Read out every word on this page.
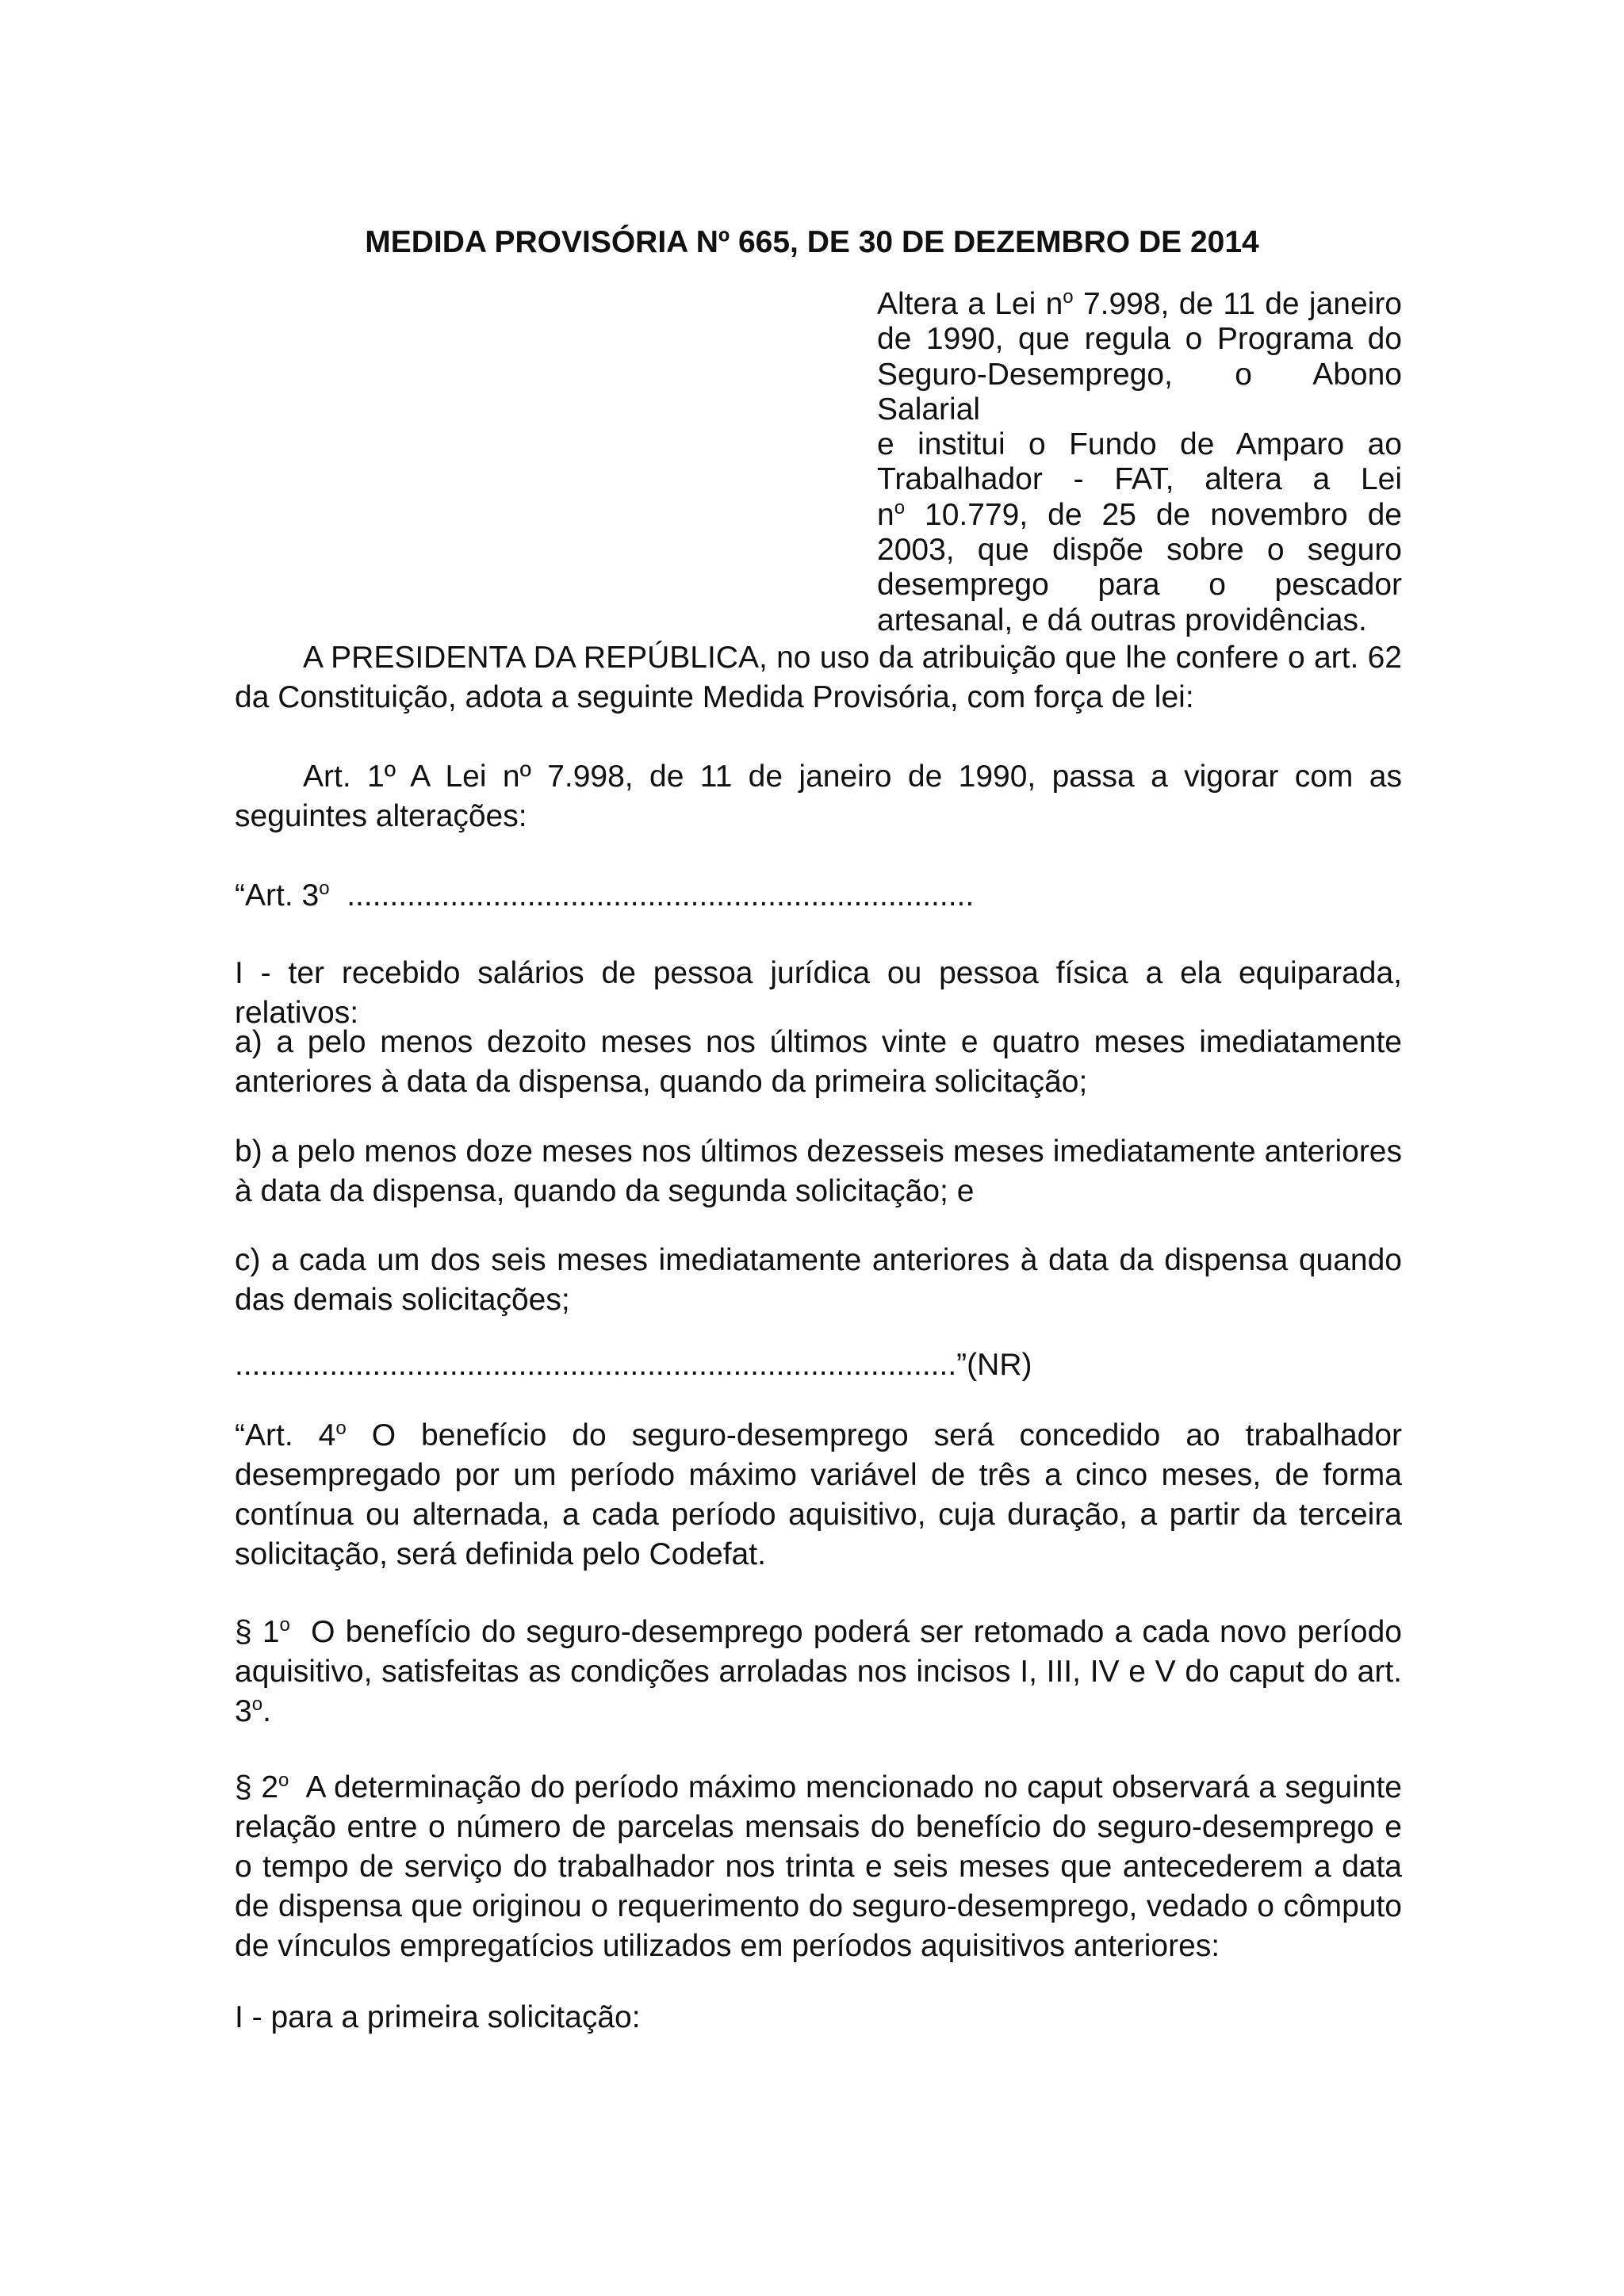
MEDIDA PROVISÓRIA Nº 665, DE 30 DE DEZEMBRO DE 2014
Altera a Lei $n^o$ 7.998, de 11 de janeiro
de 1990, que regula o Programa do
Seguro-Desemprego, o Abono Salarial
e institui o Fundo de Amparo ao
Trabalhador - FAT, altera a Lei
$n^o$ 10.779, de 25 de novembro de
2003, que dispõe sobre o seguro
desemprego para o pescador
artesanal, e dá outras providências.
A PRESIDENTA DA REPÚBLICA, no uso da atribuição que lhe confere o art. 62 da Constituição, adota a seguinte Medida Provisória, com força de lei:
Art. 1º A Lei nº 7.998, de 11 de janeiro de 1990, passa a vigorar com as seguintes alterações:
“Art. 3$^o$  .........................................................................
I - ter recebido salários de pessoa jurídica ou pessoa física a ela equiparada, relativos:
a) a pelo menos dezoito meses nos últimos vinte e quatro meses imediatamente anteriores à data da dispensa, quando da primeira solicitação;
b) a pelo menos doze meses nos últimos dezesseis meses imediatamente anteriores à data da dispensa, quando da segunda solicitação; e
c) a cada um dos seis meses imediatamente anteriores à data da dispensa quando das demais solicitações;
....................................................................................”(NR)
“Art. 4$^o$ O benefício do seguro-desemprego será concedido ao trabalhador desempregado por um período máximo variável de três a cinco meses, de forma contínua ou alternada, a cada período aquisitivo, cuja duração, a partir da terceira solicitação, será definida pelo Codefat.
§ 1$^o$  O benefício do seguro-desemprego poderá ser retomado a cada novo período aquisitivo, satisfeitas as condições arroladas nos incisos I, III, IV e V do caput do art. 3$^o$.
§ 2$^o$  A determinação do período máximo mencionado no caput observará a seguinte relação entre o número de parcelas mensais do benefício do seguro-desemprego e o tempo de serviço do trabalhador nos trinta e seis meses que antecederem a data de dispensa que originou o requerimento do seguro-desemprego, vedado o cômputo de vínculos empregatícios utilizados em períodos aquisitivos anteriores:
I - para a primeira solicitação:
